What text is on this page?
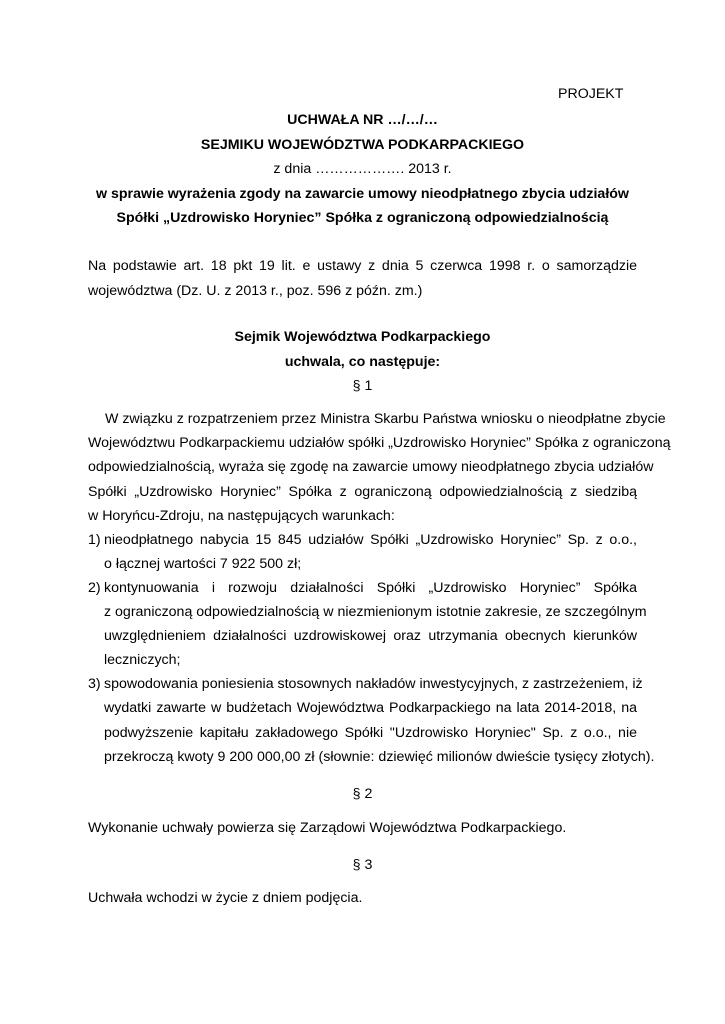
PROJEKT
UCHWAŁA NR …/…/…
SEJMIKU WOJEWÓDZTWA PODKARPACKIEGO
z dnia ………………. 2013 r.
w sprawie wyrażenia zgody na zawarcie umowy nieodpłatnego zbycia udziałów
Spółki „Uzdrowisko Horyniec” Spółka z ograniczoną odpowiedzialnością
Na podstawie art. 18 pkt 19 lit. e ustawy z dnia 5 czerwca 1998 r. o samorządzie
województwa (Dz. U. z 2013 r., poz. 596 z późn. zm.)
Sejmik Województwa Podkarpackiego
uchwala, co następuje:
§ 1
W związku z rozpatrzeniem przez Ministra Skarbu Państwa wniosku o nieodpłatne zbycie
Województwu Podkarpackiemu udziałów spółki „Uzdrowisko Horyniec” Spółka z ograniczoną
odpowiedzialnością, wyraża się zgodę na zawarcie umowy nieodpłatnego zbycia udziałów
Spółki „Uzdrowisko Horyniec” Spółka z ograniczoną odpowiedzialnością z siedzibą
w Horyńcu-Zdroju, na następujących warunkach:
1) nieodpłatnego nabycia 15 845 udziałów Spółki „Uzdrowisko Horyniec” Sp. z o.o.,
o łącznej wartości 7 922 500 zł;
2) kontynuowania i rozwoju działalności Spółki „Uzdrowisko Horyniec” Spółka
z ograniczoną odpowiedzialnością w niezmienionym istotnie zakresie, ze szczególnym
uwzględnieniem działalności uzdrowiskowej oraz utrzymania obecnych kierunków
leczniczych;
3) spowodowania poniesienia stosownych nakładów inwestycyjnych, z zastrzeżeniem, iż
wydatki zawarte w budżetach Województwa Podkarpackiego na lata 2014-2018, na
podwyższenie kapitału zakładowego Spółki "Uzdrowisko Horyniec" Sp. z o.o., nie
przekroczą kwoty 9 200 000,00 zł (słownie: dziewięć milionów dwieście tysięcy złotych).
§ 2
Wykonanie uchwały powierza się Zarządowi Województwa Podkarpackiego.
§ 3
Uchwała wchodzi w życie z dniem podjęcia.
